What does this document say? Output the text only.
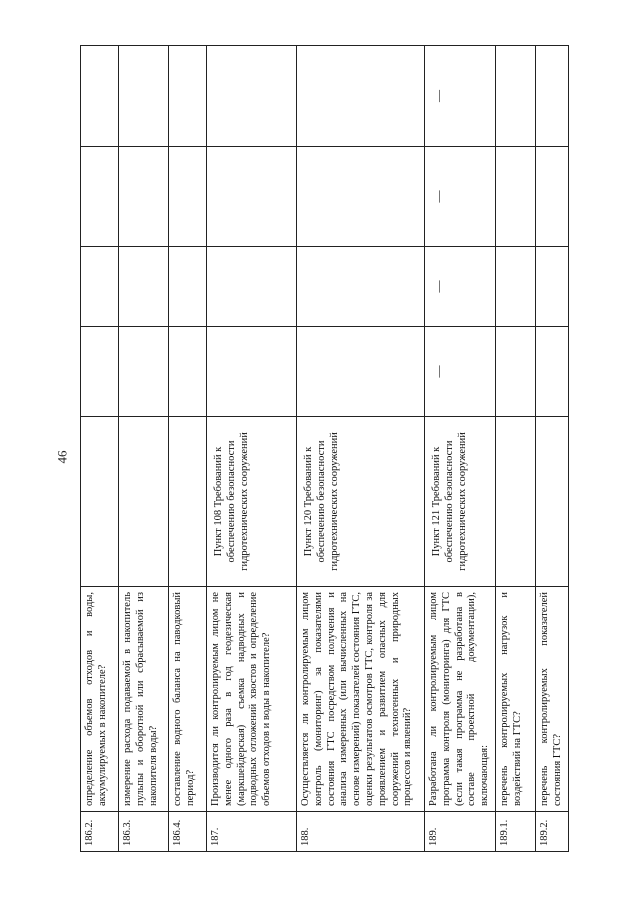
46
186.2.	определение объемов отходов и воды, аккумулируемых в накопителе?					
186.3.	измерение расхода подаваемой в накопитель пульпы и оборотной или сбрасываемой из накопителя воды?					
186.4.	составление водного баланса на паводковый период?					
187.	Производится ли контролируемым лицом не менее одного раза в год геодезическая (маркшейдерская) съемка надводных и подводных отложений хвостов и определение объемов отходов и воды в накопителе?	Пункт 108 Требований к обеспечению безопасности гидротехнических сооружений				
188.	Осуществляется ли контролируемым лицом контроль (мониторинг) за показателями состояния ГТС посредством получения и анализа измеренных (или вычисленных на основе измерений) показателей состояния ГТС, оценки результатов осмотров ГТС, контроля за проявлением и развитием опасных для сооружений техногенных и природных процессов и явлений?	Пункт 120 Требований к обеспечению безопасности гидротехнических сооружений				
189.	Разработана ли контролируемым лицом программа контроля (мониторинга) для ГТС (если такая программа не разработана в составе проектной документации), включающая:	Пункт 121 Требований к обеспечению безопасности гидротехнических сооружений	—	—	—	—
189.1.	перечень контролируемых нагрузок и воздействий на ГТС?					
189.2.	перечень контролируемых показателей состояния ГТС?					
